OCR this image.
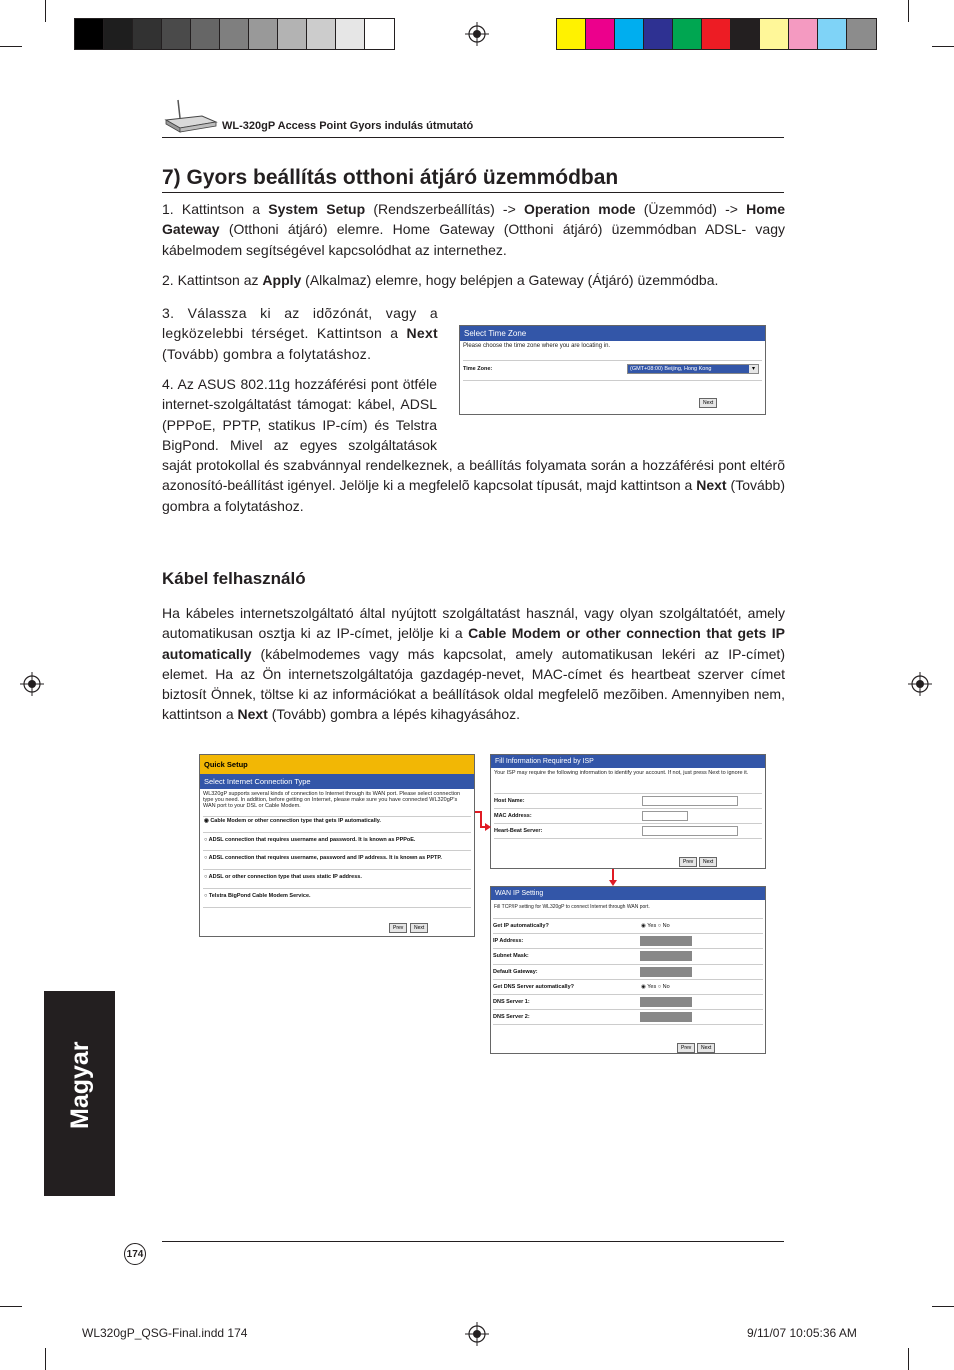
WL-320gP Access Point Gyors indulás útmutató
7) Gyors beállítás otthoni átjáró üzemmódban

1. Kattintson a System Setup (Rendszerbeállítás) -> Operation mode (Üzemmód) -> Home Gateway (Otthoni átjáró) elemre. Home Gateway (Otthoni átjáró) üzemmódban ADSL- vagy kábelmodem segítségével kapcsolódhat az internethez.

2. Kattintson az Apply (Alkalmaz) elemre, hogy belépjen a Gateway (Átjáró) üzemmódba.

3. Válassza ki az idõzónát, vagy a legközelebbi térséget. Kattintson a Next (Tovább) gombra a folytatáshoz.

4. Az ASUS 802.11g hozzáférési pont ötféle internet-szolgáltatást támogat: kábel, ADSL (PPPoE, PPTP, statikus IP-cím) és Telstra BigPond. Mivel az egyes szolgáltatások saját protokollal és szabvánnyal rendelkeznek, a beállítás folyamata során a hozzáférési pont eltérõ azonosító-beállítást igényel. Jelölje ki a megfelelõ kapcsolat típusát, majd kattintson a Next (Tovább) gombra a folytatáshoz.

Select Time Zone
Please choose the time zone where you are locating in.
Time Zone:	(GMT+08:00) Beijing, Hong Kong	▾
Next
Kábel felhasználó

Ha kábeles internetszolgáltató által nyújtott szolgáltatást használ, vagy olyan szolgáltatóét, amely automatikusan osztja ki az IP-címet, jelölje ki a Cable Modem or other connection that gets IP automatically (kábelmodemes vagy más kapcsolat, amely automatikusan lekéri az IP-címet) elemet. Ha az Ön internetszolgáltatója gazdagép-nevet, MAC-címet és heartbeat szerver címet biztosít Önnek, töltse ki az információkat a beállítások oldal megfelelõ mezõiben. Amennyiben nem, kattintson a Next (Tovább) gombra a lépés kihagyásához.

Quick Setup
Select Internet Connection Type
WL320gP supports several kinds of connection to Internet through its WAN port. Please select connection type you need. In addition, before getting on Internet, please make sure you have connected WL320gP's WAN port to your DSL or Cable Modem.
◉ Cable Modem or other connection type that gets IP automatically.
○ ADSL connection that requires username and password. It is known as PPPoE.
○ ADSL connection that requires username, password and IP address. It is known as PPTP.
○ ADSL or other connection type that uses static IP address.
○ Telstra BigPond Cable Modem Service.
Prev	Next
Fill Information Required by ISP
Your ISP may require the following information to identify your account. If not, just press Next to ignore it.
Host Name:
MAC Address:
Heart-Beat Server:
Prev	Next
WAN IP Setting
Fill TCP/IP setting for WL320gP to connect Internet through WAN port.
Get IP automatically?	◉ Yes ○ No
IP Address:
Subnet Mask:
Default Gateway:
Get DNS Server automatically?	◉ Yes ○ No
DNS Server 1:
DNS Server 2:
Prev	Next
Magyar
174
WL320gP_QSG-Final.indd 174	9/11/07 10:05:36 AM
